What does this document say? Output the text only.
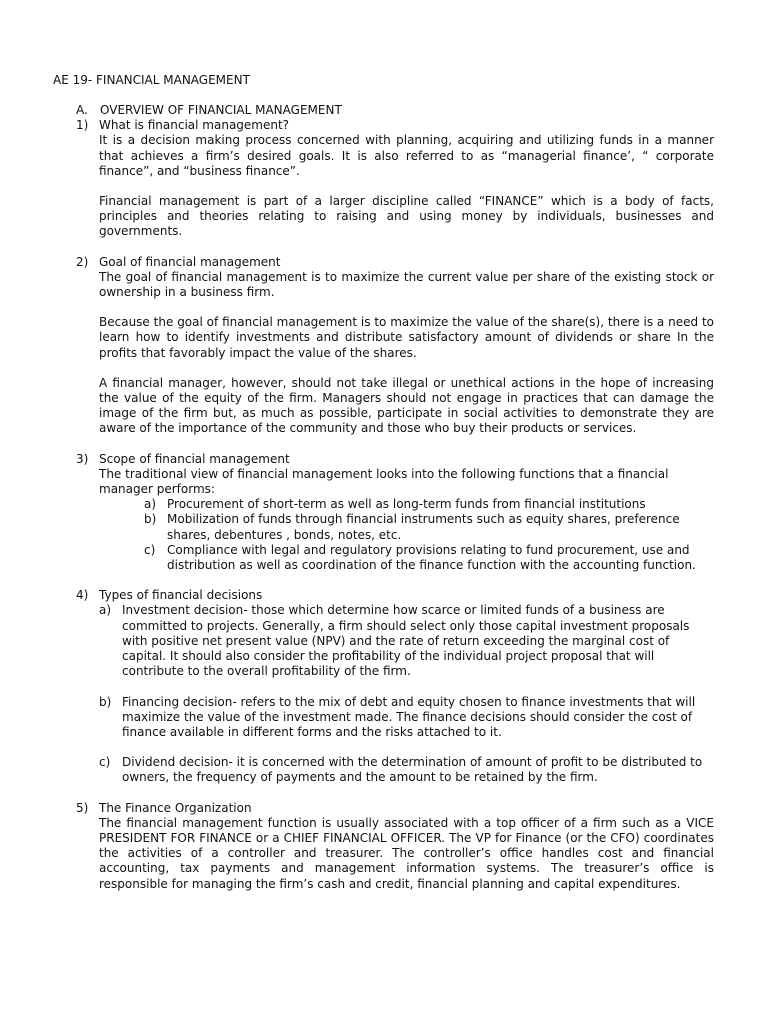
AE 19- FINANCIAL MANAGEMENT
A. OVERVIEW OF FINANCIAL MANAGEMENT
1) What is financial management?

It is a decision making process concerned with planning, acquiring and utilizing funds in a manner that achieves a firm’s desired goals. It is also referred to as “managerial finance’, “ corporate finance”, and “business finance”.

Financial management is part of a larger discipline called “FINANCE” which is a body of facts, principles and theories relating to raising and using money by individuals, businesses and governments.

2) Goal of financial management

The goal of financial management is to maximize the current value per share of the existing stock or ownership in a business firm.

Because the goal of financial management is to maximize the value of the share(s), there is a need to learn how to identify investments and distribute satisfactory amount of dividends or share In the profits that favorably impact the value of the shares.

A financial manager, however, should not take illegal or unethical actions in the hope of increasing the value of the equity of the firm. Managers should not engage in practices that can damage the image of the firm but, as much as possible, participate in social activities to demonstrate they are aware of the importance of the community and those who buy their products or services.

3) Scope of financial management
The traditional view of financial management looks into the following functions that a financial manager performs:
a) Procurement of short-term as well as long-term funds from financial institutions
b) Mobilization of funds through financial instruments such as equity shares, preference shares, debentures , bonds, notes, etc.
c) Compliance with legal and regulatory provisions relating to fund procurement, use and distribution as well as coordination of the finance function with the accounting function.
4) Types of financial decisions
a) Investment decision- those which determine how scarce or limited funds of a business are committed to projects. Generally, a firm should select only those capital investment proposals with positive net present value (NPV) and the rate of return exceeding the marginal cost of capital. It should also consider the profitability of the individual project proposal that will contribute to the overall profitability of the firm.
b) Financing decision- refers to the mix of debt and equity chosen to finance investments that will maximize the value of the investment made. The finance decisions should consider the cost of finance available in different forms and the risks attached to it.
c) Dividend decision- it is concerned with the determination of amount of profit to be distributed to owners, the frequency of payments and the amount to be retained by the firm.
5) The Finance Organization

The financial management function is usually associated with a top officer of a firm such as a VICE PRESIDENT FOR FINANCE or a CHIEF FINANCIAL OFFICER. The VP for Finance (or the CFO) coordinates the activities of a controller and treasurer. The controller’s office handles cost and financial accounting, tax payments and management information systems. The treasurer’s office is responsible for managing the firm’s cash and credit, financial planning and capital expenditures.
